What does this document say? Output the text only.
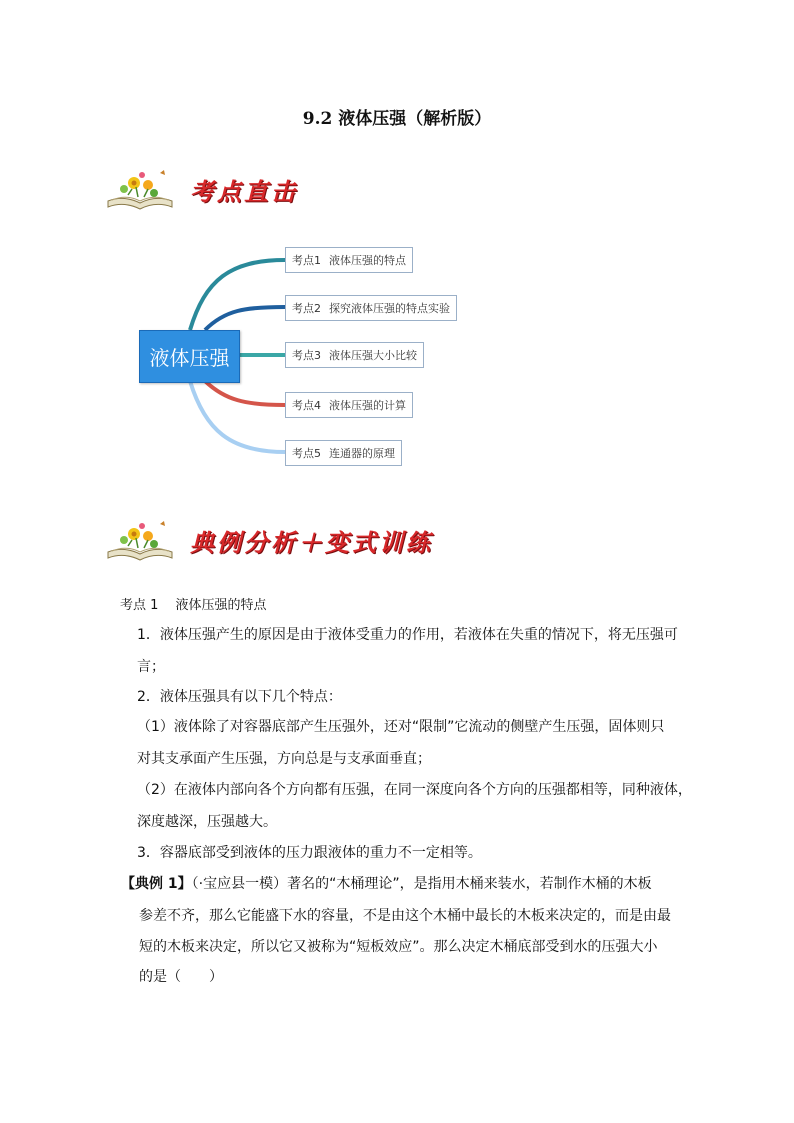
9.2 液体压强（解析版）
考点直击
液体压强
考点1 液体压强的特点
考点2 探究液体压强的特点实验
考点3 液体压强大小比较
考点4 液体压强的计算
考点5 连通器的原理
典例分析＋变式训练
考点 1　 液体压强的特点
1．液体压强产生的原因是由于液体受重力的作用，若液体在失重的情况下，将无压强可
言；
2．液体压强具有以下几个特点：
（1）液体除了对容器底部产生压强外，还对“限制”它流动的侧壁产生压强，固体则只
对其支承面产生压强，方向总是与支承面垂直；
（2）在液体内部向各个方向都有压强，在同一深度向各个方向的压强都相等，同种液体，
深度越深，压强越大。
3．容器底部受到液体的压力跟液体的重力不一定相等。
【典例 1】（·宝应县一模）著名的“木桶理论”，是指用木桶来装水，若制作木桶的木板
参差不齐，那么它能盛下水的容量，不是由这个木桶中最长的木板来决定的，而是由最
短的木板来决定，所以它又被称为“短板效应”。那么决定木桶底部受到水的压强大小
的是（　　）
